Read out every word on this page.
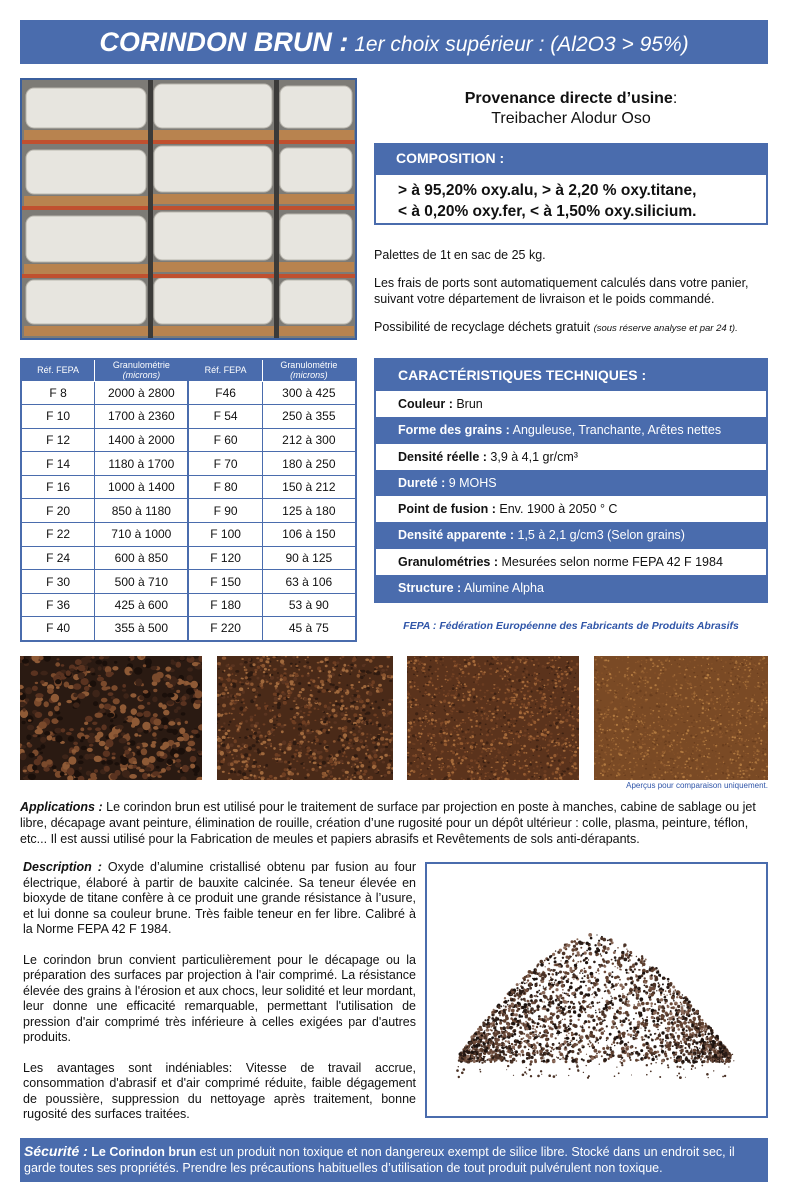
CORINDON BRUN : 1er choix supérieur : (Al2O3 > 95%)
Provenance directe d’usine:
Treibacher Alodur Oso
COMPOSITION :
> à 95,20% oxy.alu, > à 2,20 % oxy.titane,
< à 0,20% oxy.fer, < à 1,50% oxy.silicium.

Palettes de 1t en sac de 25 kg.

Les frais de ports sont automatiquement calculés dans votre panier, suivant votre département de livraison et le poids commandé.

Possibilité de recyclage déchets gratuit (sous réserve analyse et par 24 t).

Réf. FEPA	Granulométrie (microns)	Réf. FEPA	Granulométrie (microns)
F 8	2000 à 2800	F46	300 à 425
F 10	1700 à 2360	F 54	250 à 355
F 12	1400 à 2000	F 60	212 à 300
F 14	1180 à 1700	F 70	180 à 250
F 16	1000 à 1400	F 80	150 à 212
F 20	850 à 1180	F 90	125 à 180
F 22	710 à 1000	F 100	106 à 150
F 24	600 à 850	F 120	90 à 125
F 30	500 à 710	F 150	63 à 106
F 36	425 à 600	F 180	53 à 90
F 40	355 à 500	F 220	45 à 75
CARACTÉRISTIQUES TECHNIQUES :
Couleur : Brun
Forme des grains : Anguleuse, Tranchante, Arêtes nettes
Densité réelle : 3,9 à 4,1 gr/cm³
Dureté : 9 MOHS
Point de fusion : Env. 1900 à 2050 ° C
Densité apparente : 1,5 à 2,1 g/cm3 (Selon grains)
Granulométries : Mesurées selon norme FEPA 42 F 1984
Structure : Alumine Alpha
FEPA : Fédération Européenne des Fabricants de Produits Abrasifs
Aperçus pour comparaison uniquement.
Applications : Le corindon brun est utilisé pour le traitement de surface par projection en poste à manches, cabine de sablage ou jet libre, décapage avant peinture, élimination de rouille, création d’une rugosité pour un dépôt ultérieur : colle, plasma, peinture, téflon, etc... Il est aussi utilisé pour la Fabrication de meules et papiers abrasifs et Revêtements de sols anti-dérapants.

Description : Oxyde d’alumine cristallisé obtenu par fusion au four électrique, élaboré à partir de bauxite calcinée. Sa teneur élevée en bioxyde de titane confère à ce produit une grande résistance à l’usure, et lui donne sa couleur brune. Très faible teneur en fer libre. Calibré à la Norme FEPA 42 F 1984.

Le corindon brun convient particulièrement pour le décapage ou la préparation des surfaces par projection à l'air comprimé. La résistance élevée des grains à l'érosion et aux chocs, leur solidité et leur mordant, leur donne une efficacité remarquable, permettant l'utilisation de pression d'air comprimé très inférieure à celles exigées par d'autres produits.

Les avantages sont indéniables: Vitesse de travail accrue, consommation d'abrasif et d'air comprimé réduite, faible dégagement de poussière, suppression du nettoyage après traitement, bonne rugosité des surfaces traitées.

Sécurité : Le Corindon brun est un produit non toxique et non dangereux exempt de silice libre. Stocké dans un endroit sec, il garde toutes ses propriétés. Prendre les précautions habituelles d’utilisation de tout produit pulvérulent non toxique.
